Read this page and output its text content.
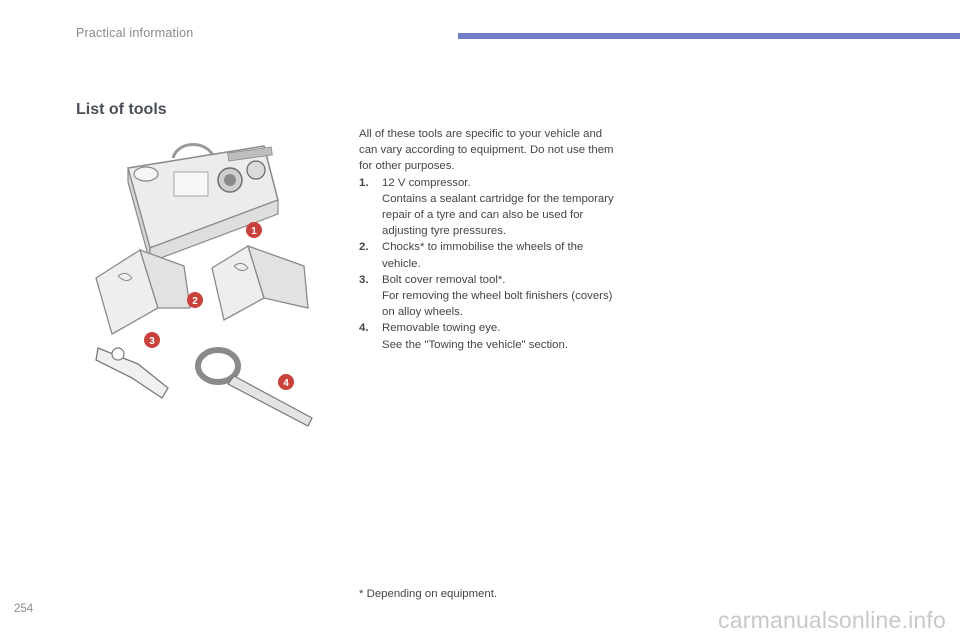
Practical information
List of tools
1
2
3
4

All of these tools are specific to your vehicle and can vary according to equipment. Do not use them for other purposes.

1. 12 V compressor.

Contains a sealant cartridge for the temporary repair of a tyre and can also be used for adjusting tyre pressures.

2. Chocks* to immobilise the wheels of the vehicle.

3. Bolt cover removal tool*.

For removing the wheel bolt finishers (covers) on alloy wheels.

4. Removable towing eye.

See the "Towing the vehicle" section.

* Depending on equipment.
254	carmanualsonline.info
